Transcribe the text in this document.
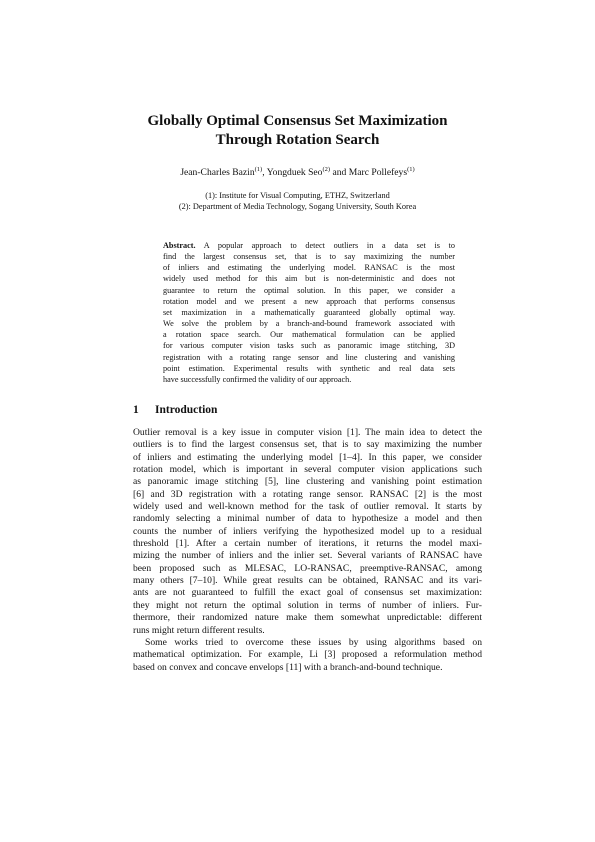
Globally Optimal Consensus Set Maximization
Through Rotation Search
Jean-Charles Bazin$^{(1)}$, Yongduek Seo$^{(2)}$ and Marc Pollefeys$^{(1)}$
(1): Institute for Visual Computing, ETHZ, Switzerland
(2): Department of Media Technology, Sogang University, South Korea
Abstract. A popular approach to detect outliers in a data set is to
find the largest consensus set, that is to say maximizing the number
of inliers and estimating the underlying model. RANSAC is the most
widely used method for this aim but is non-deterministic and does not
guarantee to return the optimal solution. In this paper, we consider a
rotation model and we present a new approach that performs consensus
set maximization in a mathematically guaranteed globally optimal way.
We solve the problem by a branch-and-bound framework associated with
a rotation space search. Our mathematical formulation can be applied
for various computer vision tasks such as panoramic image stitching, 3D
registration with a rotating range sensor and line clustering and vanishing
point estimation. Experimental results with synthetic and real data sets
have successfully confirmed the validity of our approach.
1 Introduction
Outlier removal is a key issue in computer vision [1]. The main idea to detect the
outliers is to find the largest consensus set, that is to say maximizing the number
of inliers and estimating the underlying model [1–4]. In this paper, we consider
rotation model, which is important in several computer vision applications such
as panoramic image stitching [5], line clustering and vanishing point estimation
[6] and 3D registration with a rotating range sensor. RANSAC [2] is the most
widely used and well-known method for the task of outlier removal. It starts by
randomly selecting a minimal number of data to hypothesize a model and then
counts the number of inliers verifying the hypothesized model up to a residual
threshold [1]. After a certain number of iterations, it returns the model maxi-
mizing the number of inliers and the inlier set. Several variants of RANSAC have
been proposed such as MLESAC, LO-RANSAC, preemptive-RANSAC, among
many others [7–10]. While great results can be obtained, RANSAC and its vari-
ants are not guaranteed to fulfill the exact goal of consensus set maximization:
they might not return the optimal solution in terms of number of inliers. Fur-
thermore, their randomized nature make them somewhat unpredictable: different
runs might return different results.
Some works tried to overcome these issues by using algorithms based on
mathematical optimization. For example, Li [3] proposed a reformulation method
based on convex and concave envelops [11] with a branch-and-bound technique.
